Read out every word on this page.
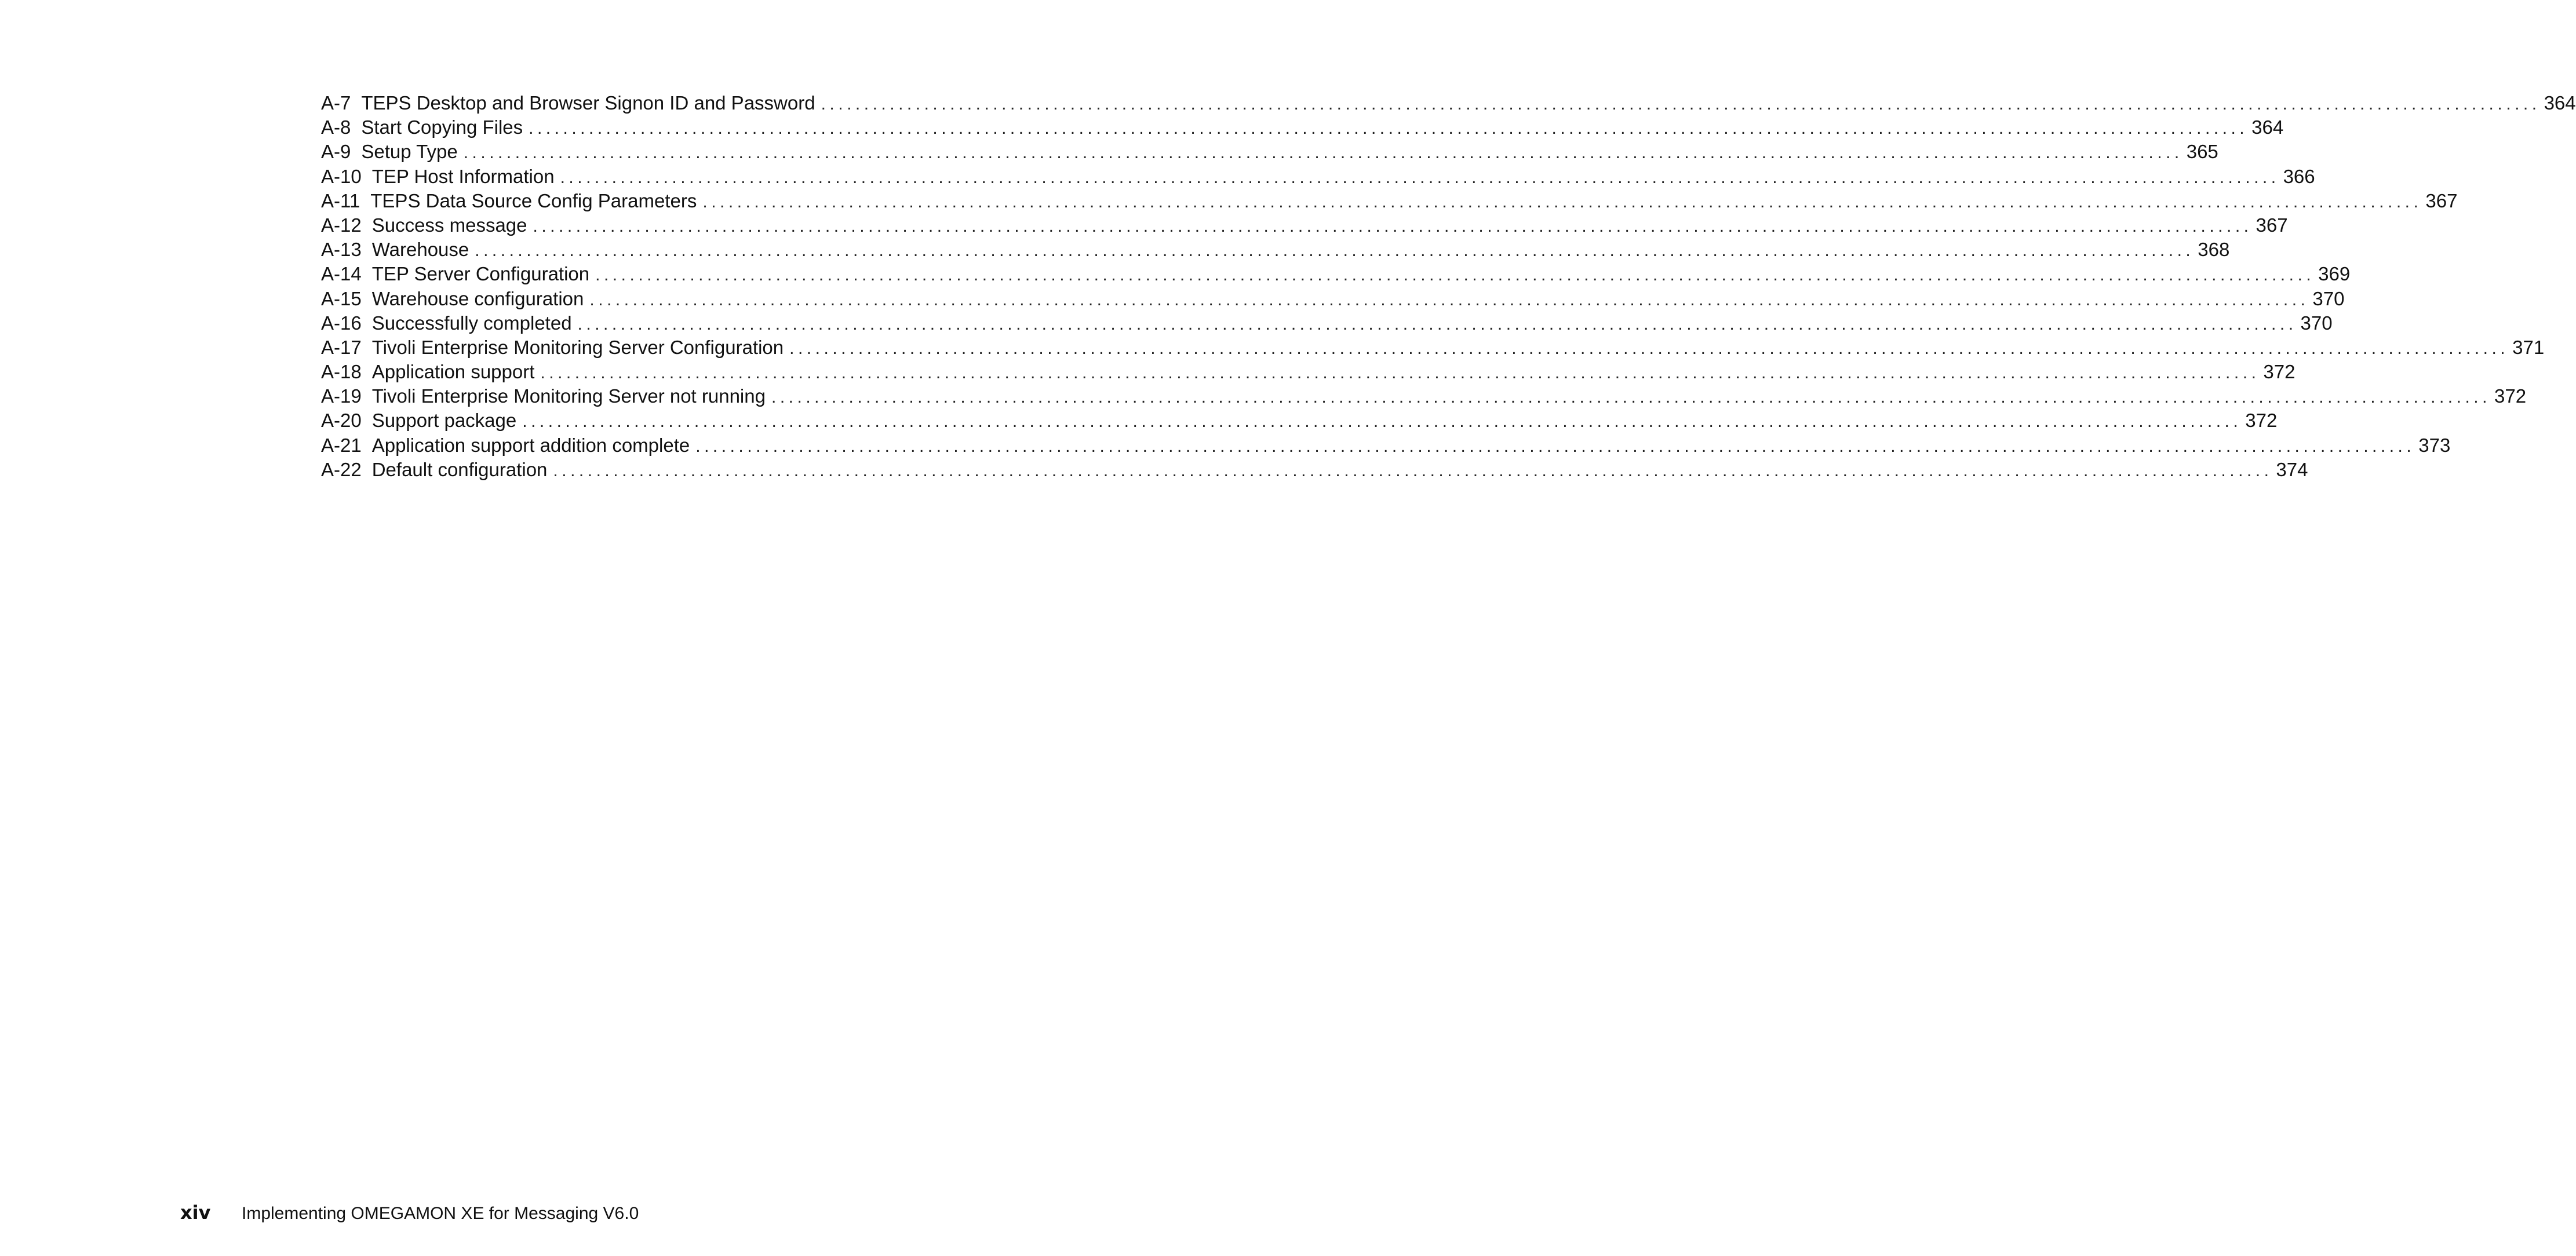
A-7 TEPS Desktop and Browser Signon ID and Password ........................................................................................................................................................................................................ 364
A-8 Start Copying Files ........................................................................................................................................................................................................ 364
A-9 Setup Type ........................................................................................................................................................................................................ 365
A-10 TEP Host Information ........................................................................................................................................................................................................ 366
A-11 TEPS Data Source Config Parameters ........................................................................................................................................................................................................ 367
A-12 Success message ........................................................................................................................................................................................................ 367
A-13 Warehouse ........................................................................................................................................................................................................ 368
A-14 TEP Server Configuration ........................................................................................................................................................................................................ 369
A-15 Warehouse configuration ........................................................................................................................................................................................................ 370
A-16 Successfully completed ........................................................................................................................................................................................................ 370
A-17 Tivoli Enterprise Monitoring Server Configuration ........................................................................................................................................................................................................ 371
A-18 Application support ........................................................................................................................................................................................................ 372
A-19 Tivoli Enterprise Monitoring Server not running ........................................................................................................................................................................................................ 372
A-20 Support package ........................................................................................................................................................................................................ 372
A-21 Application support addition complete ........................................................................................................................................................................................................ 373
A-22 Default configuration ........................................................................................................................................................................................................ 374
xiv	Implementing OMEGAMON XE for Messaging V6.0
